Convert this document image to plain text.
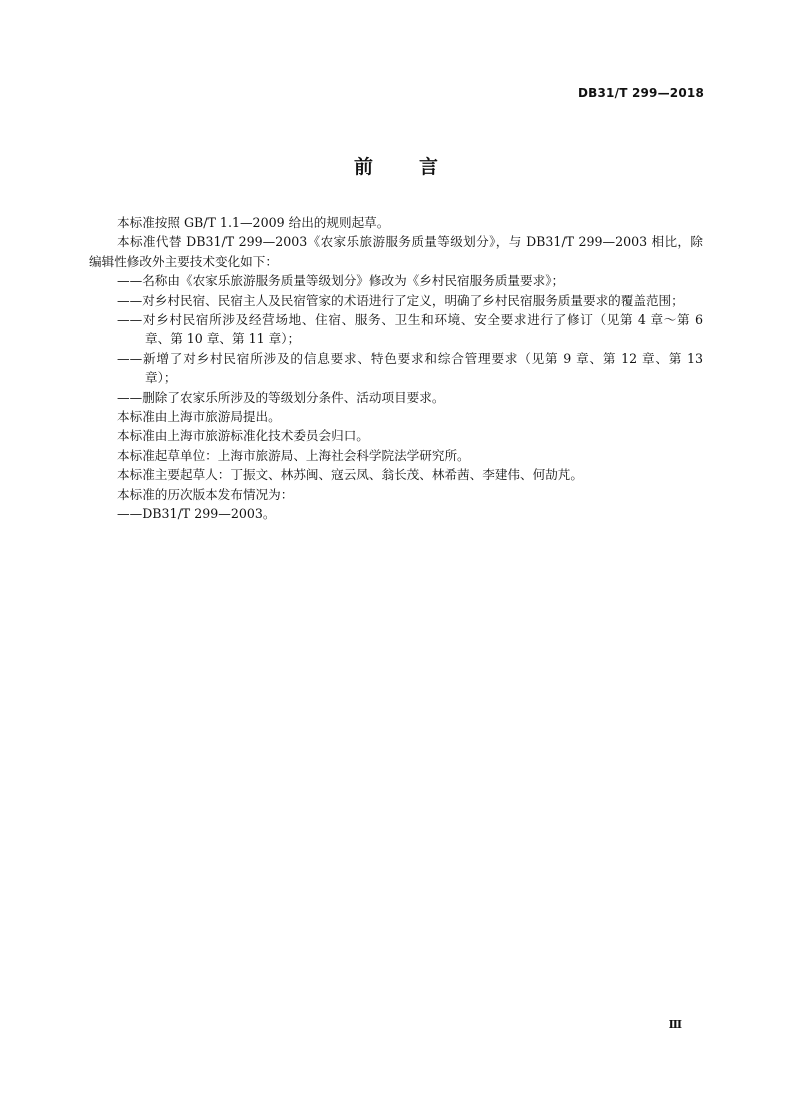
DB31/T 299—2018
前 言

本标准按照 GB/T 1.1—2009 给出的规则起草。

本标准代替 DB31/T 299—2003《农家乐旅游服务质量等级划分》，与 DB31/T 299—2003 相比，除编辑性修改外主要技术变化如下：

——名称由《农家乐旅游服务质量等级划分》修改为《乡村民宿服务质量要求》；

——对乡村民宿、民宿主人及民宿管家的术语进行了定义，明确了乡村民宿服务质量要求的覆盖范围；

——对乡村民宿所涉及经营场地、住宿、服务、卫生和环境、安全要求进行了修订（见第 4 章～第 6 章、第 10 章、第 11 章）；

——新增了对乡村民宿所涉及的信息要求、特色要求和综合管理要求（见第 9 章、第 12 章、第 13 章）；

——删除了农家乐所涉及的等级划分条件、活动项目要求。

本标准由上海市旅游局提出。

本标准由上海市旅游标准化技术委员会归口。

本标准起草单位：上海市旅游局、上海社会科学院法学研究所。

本标准主要起草人：丁振文、林苏闽、寇云凤、翁长茂、林希茜、李建伟、何劼芃。

本标准的历次版本发布情况为：

——DB31/T 299—2003。

Ⅲ
